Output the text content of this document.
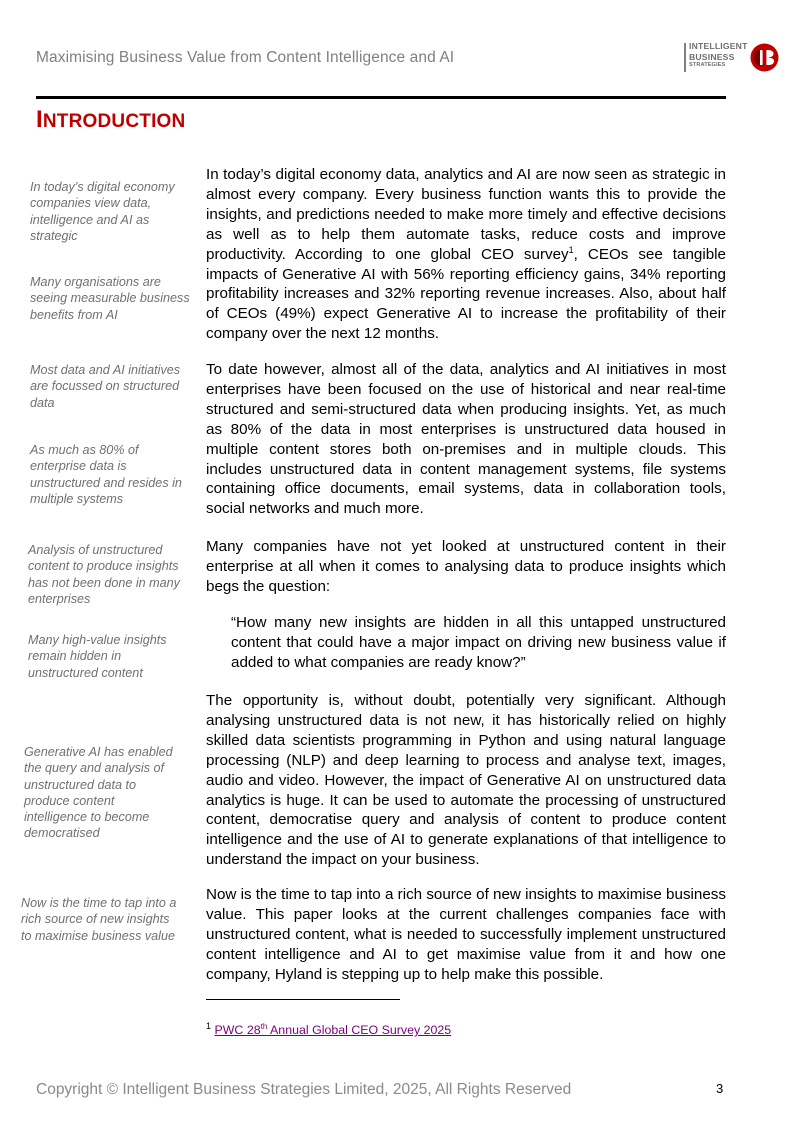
Maximising Business Value from Content Intelligence and AI
INTELLIGENT
BUSINESS
STRATEGIES
INTRODUCTION
In today’s digital economy companies view data, intelligence and AI as strategic
Many organisations are seeing measurable business benefits from AI
Most data and AI initiatives are focussed on structured data
As much as 80% of enterprise data is unstructured and resides in multiple systems
Analysis of unstructured content to produce insights has not been done in many enterprises
Many high-value insights remain hidden in unstructured content
Generative AI has enabled the query and analysis of unstructured data to produce content intelligence to become democratised
Now is the time to tap into a rich source of new insights to maximise business value

In today’s digital economy data, analytics and AI are now seen as strategic in almost every company. Every business function wants this to provide the insights, and predictions needed to make more timely and effective decisions as well as to help them automate tasks, reduce costs and improve productivity. According to one global CEO survey$^1$, CEOs see tangible impacts of Generative AI with 56% reporting efficiency gains, 34% reporting profitability increases and 32% reporting revenue increases. Also, about half of CEOs (49%) expect Generative AI to increase the profitability of their company over the next 12 months.

To date however, almost all of the data, analytics and AI initiatives in most enterprises have been focused on the use of historical and near real-time structured and semi-structured data when producing insights. Yet, as much as 80% of the data in most enterprises is unstructured data housed in multiple content stores both on-premises and in multiple clouds. This includes unstructured data in content management systems, file systems containing office documents, email systems, data in collaboration tools, social networks and much more.

Many companies have not yet looked at unstructured content in their enterprise at all when it comes to analysing data to produce insights which begs the question:

“How many new insights are hidden in all this untapped unstructured content that could have a major impact on driving new business value if added to what companies are ready know?”

The opportunity is, without doubt, potentially very significant. Although analysing unstructured data is not new, it has historically relied on highly skilled data scientists programming in Python and using natural language processing (NLP) and deep learning to process and analyse text, images, audio and video. However, the impact of Generative AI on unstructured data analytics is huge. It can be used to automate the processing of unstructured content, democratise query and analysis of content to produce content intelligence and the use of AI to generate explanations of that intelligence to understand the impact on your business.

Now is the time to tap into a rich source of new insights to maximise business value. This paper looks at the current challenges companies face with unstructured content, what is needed to successfully implement unstructured content intelligence and AI to get maximise value from it and how one company, Hyland is stepping up to help make this possible.

$^1$ PWC 28th Annual Global CEO Survey 2025
Copyright © Intelligent Business Strategies Limited, 2025, All Rights Reserved	3
